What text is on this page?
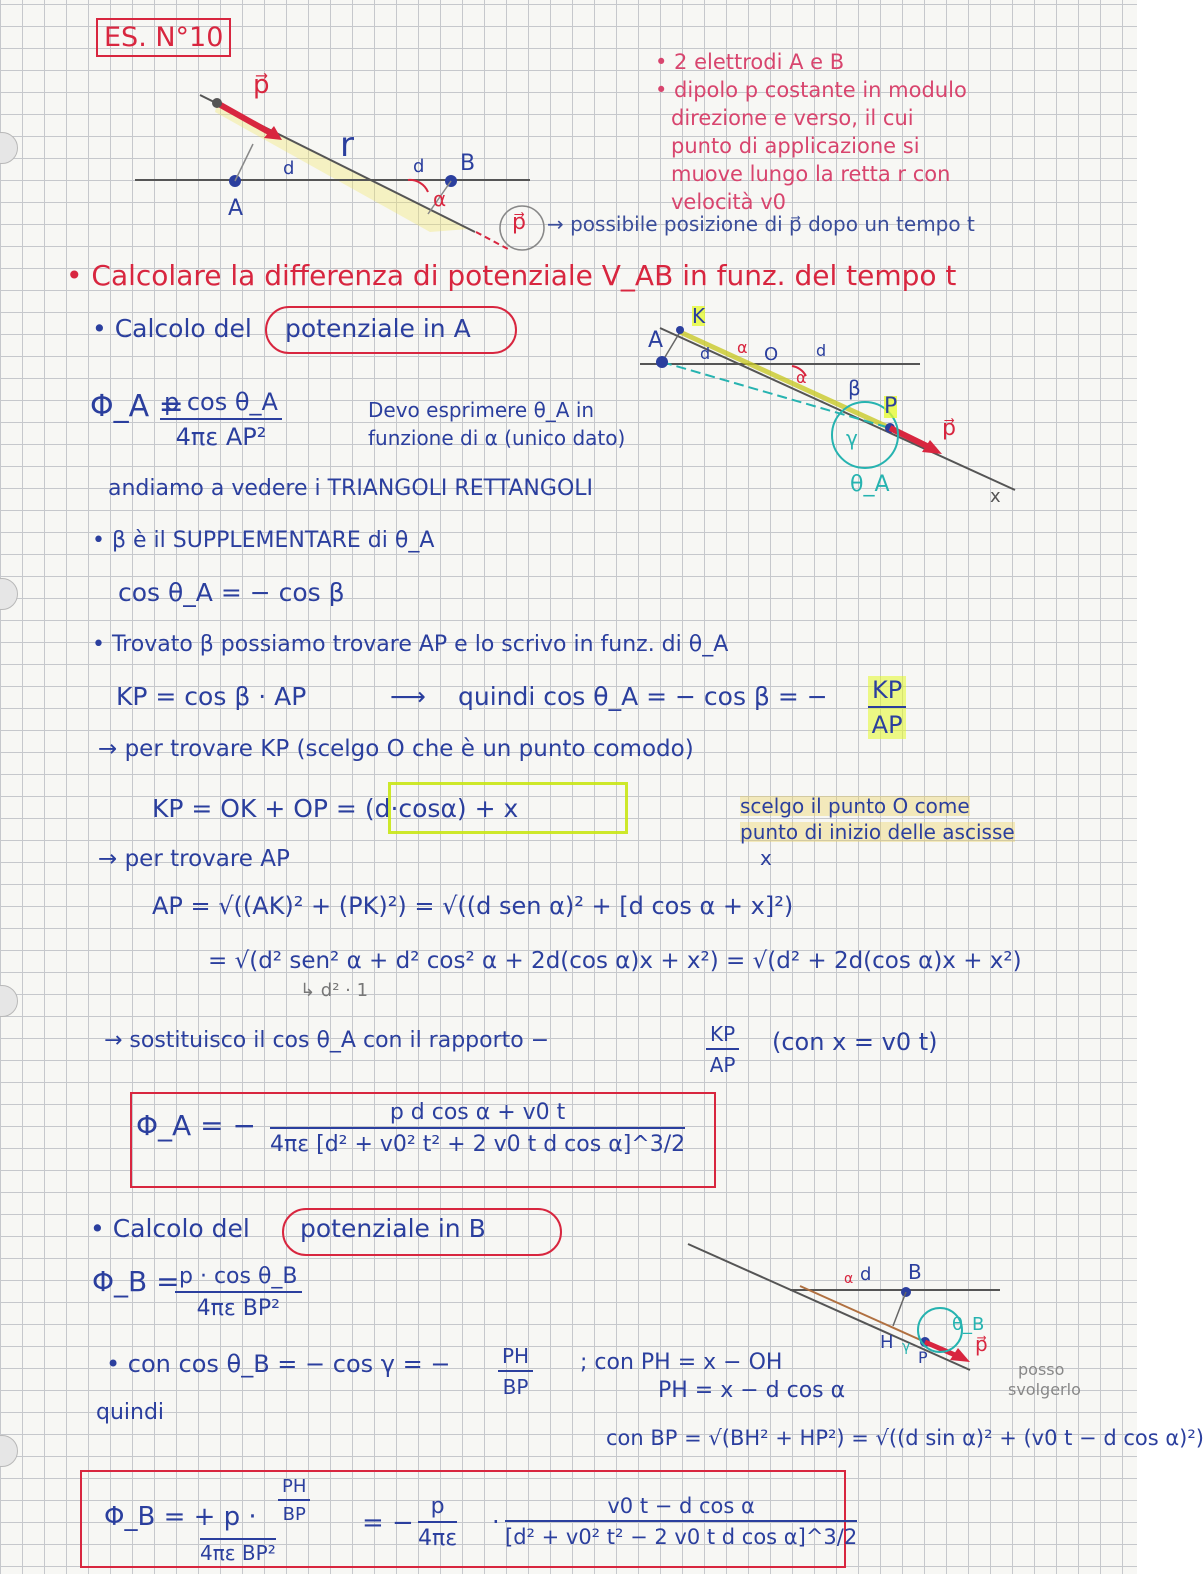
ES. N°10
• 2 elettrodi A e B
• dipolo p costante in modulo
direzione e verso, il cui
punto di applicazione si
muove lungo la retta r con
velocità v0
p⃗
r
d	d
A
B
α
p⃗ → possibile posizione di p⃗ dopo un tempo t
• Calcolare la differenza di potenziale V_AB in funz. del tempo t
• Calcolo del potenziale in A
Φ_A =
$\frac{\text{p cos θ\_A}}{\text{4πε AP²}}$	Devo esprimere θ_A in
funzione di α (unico dato)
andiamo a vedere i TRIANGOLI RETTANGOLI
• β è il SUPPLEMENTARE di θ_A
cos θ_A = − cos β
• Trovato β possiamo trovare AP e lo scrivo in funz. di θ_A
KP = cos β · AP	⟶ quindi cos θ_A = − cos β = − $\frac{KP}{AP}$
→ per trovare KP (scelgo O che è un punto comodo)
KP = OK + OP = (d·cosα) + x	scelgo il punto O come
punto di inizio delle ascisse
x
→ per trovare AP
AP = √((AK)² + (PK)²) = √((d sen α)² + [d cos α + x]²)
= √(d² sen² α + d² cos² α + 2d(cos α)x + x²) = √(d² + 2d(cos α)x + x²)
↳ d² · 1
→ sostituisco il cos θ_A con il rapporto −	$\frac{KP}{AP} (con$ x = v0 t)
Φ_A = − $\frac{\text{p d cos α + v0 t}}{\text{4πε [d² + v0² t² + 2 v0 t d cos α]\textasciicircum{}3/2}}$
A
K
d α O d
α β
P
γ	p⃗
θ_A	x
• Calcolo del potenziale in B
Φ_B =
$\frac{\text{p · cos θ\_B}}{\text{4πε BP²}}$
• con cos θ_B = − cos γ = − $\frac{PH}{BP}$ ; con PH = x − OH
PH = x − d cos α
quindi
con BP = √(BH² + HP²) = √((d sin α)² + (v0 t − d cos α)²)
posso
svolgerlo
d
α	B
H
P
γ
θ_B
p⃗
Φ_B = + $p \cdot \frac{PH}{BP}$
4πε BP²
= − $\frac{p}{4\pi\varepsilon} \cdot \frac{\text{v0 t − d cos α}}{\text{[d² + v0² t² − 2 v0 t d cos α]\textasciicircum{}3/2}}$
